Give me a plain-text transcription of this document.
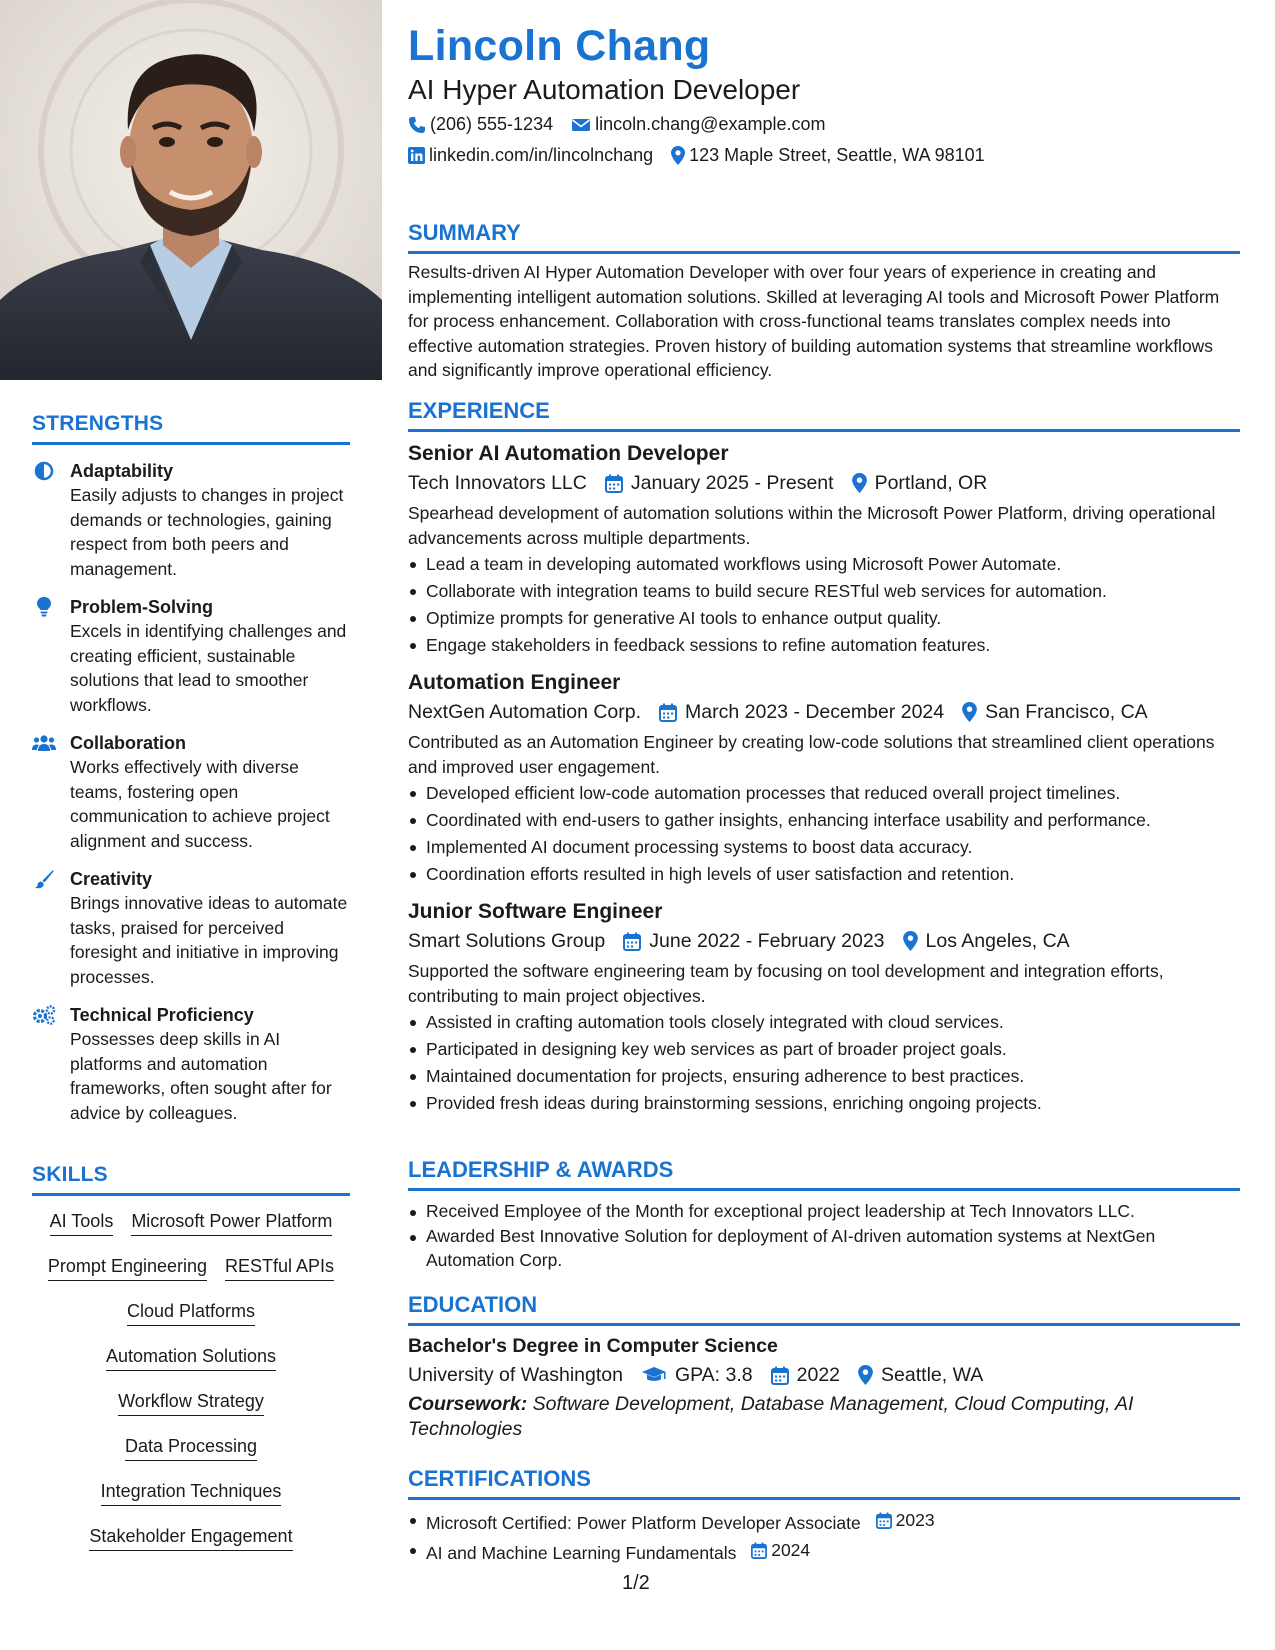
STRENGTHS
Adaptability
Easily adjusts to changes in project demands or technologies, gaining respect from both peers and management.
Problem-Solving
Excels in identifying challenges and creating efficient, sustainable solutions that lead to smoother workflows.
Collaboration
Works effectively with diverse teams, fostering open communication to achieve project alignment and success.
Creativity
Brings innovative ideas to automate tasks, praised for perceived foresight and initiative in improving processes.
Technical Proficiency
Possesses deep skills in AI platforms and automation frameworks, often sought after for advice by colleagues.
SKILLS
AI Tools Microsoft Power Platform
Prompt Engineering RESTful APIs
Cloud Platforms
Automation Solutions
Workflow Strategy
Data Processing
Integration Techniques
Stakeholder Engagement
Lincoln Chang
AI Hyper Automation Developer
(206) 555-1234 lincoln.chang@example.com
linkedin.com/in/lincolnchang 123 Maple Street, Seattle, WA 98101
SUMMARY
Results-driven AI Hyper Automation Developer with over four years of experience in creating and implementing intelligent automation solutions. Skilled at leveraging AI tools and Microsoft Power Platform for process enhancement. Collaboration with cross-functional teams translates complex needs into effective automation strategies. Proven history of building automation systems that streamline workflows and significantly improve operational efficiency.
EXPERIENCE
Senior AI Automation Developer
Tech Innovators LLC January 2025 - Present Portland, OR
Spearhead development of automation solutions within the Microsoft Power Platform, driving operational advancements across multiple departments.
Lead a team in developing automated workflows using Microsoft Power Automate.
Collaborate with integration teams to build secure RESTful web services for automation.
Optimize prompts for generative AI tools to enhance output quality.
Engage stakeholders in feedback sessions to refine automation features.
Automation Engineer
NextGen Automation Corp. March 2023 - December 2024 San Francisco, CA
Contributed as an Automation Engineer by creating low-code solutions that streamlined client operations and improved user engagement.
Developed efficient low-code automation processes that reduced overall project timelines.
Coordinated with end-users to gather insights, enhancing interface usability and performance.
Implemented AI document processing systems to boost data accuracy.
Coordination efforts resulted in high levels of user satisfaction and retention.
Junior Software Engineer
Smart Solutions Group June 2022 - February 2023 Los Angeles, CA
Supported the software engineering team by focusing on tool development and integration efforts, contributing to main project objectives.
Assisted in crafting automation tools closely integrated with cloud services.
Participated in designing key web services as part of broader project goals.
Maintained documentation for projects, ensuring adherence to best practices.
Provided fresh ideas during brainstorming sessions, enriching ongoing projects.
LEADERSHIP & AWARDS
Received Employee of the Month for exceptional project leadership at Tech Innovators LLC.
Awarded Best Innovative Solution for deployment of AI-driven automation systems at NextGen Automation Corp.
EDUCATION
Bachelor's Degree in Computer Science
University of Washington	GPA: 3.8 2022 Seattle, WA
Coursework: Software Development, Database Management, Cloud Computing, AI Technologies
CERTIFICATIONS
Microsoft Certified: Power Platform Developer Associate 2023
AI and Machine Learning Fundamentals 2024
1/2
